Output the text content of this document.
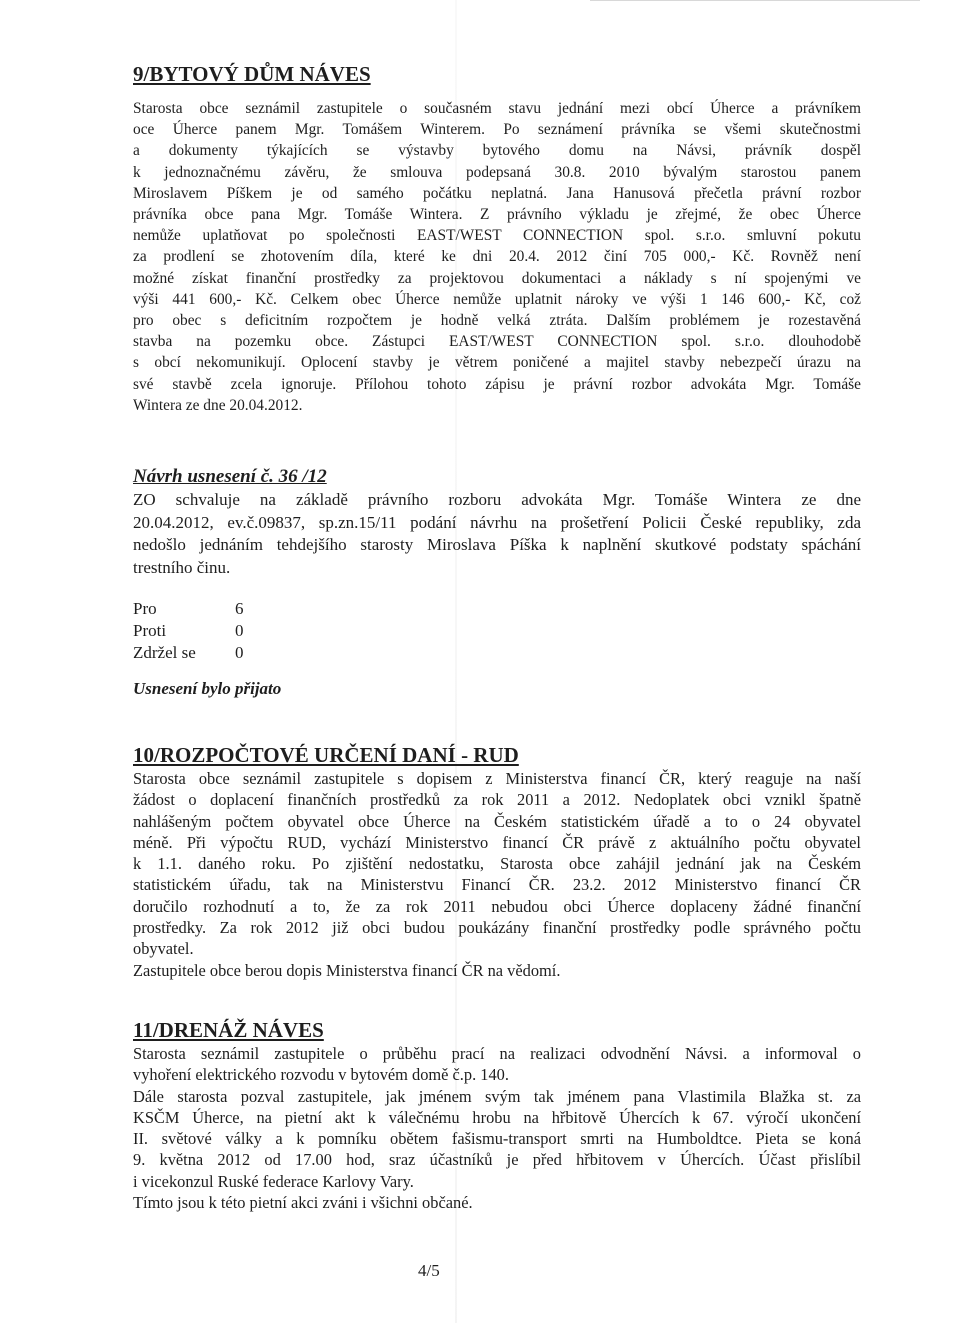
9/BYTOVÝ DŮM NÁVES
Starosta obce seznámil zastupitele o současném stavu jednání mezi obcí Úherce a právníkem
oce Úherce panem Mgr. Tomášem Winterem. Po seznámení právníka se všemi skutečnostmi
a dokumenty týkajících se výstavby bytového domu na Návsi, právník dospěl
k jednoznačnému závěru, že smlouva podepsaná 30.8. 2010 bývalým starostou panem
Miroslavem Píškem je od samého počátku neplatná. Jana Hanusová přečetla právní rozbor
právníka obce pana Mgr. Tomáše Wintera. Z právního výkladu je zřejmé, že obec Úherce
nemůže uplatňovat po společnosti EAST/WEST CONNECTION spol. s.r.o. smluvní pokutu
za prodlení se zhotovením díla, které ke dni 20.4. 2012 činí 705 000,- Kč. Rovněž není
možné získat finanční prostředky za projektovou dokumentaci a náklady s ní spojenými ve
výši 441 600,- Kč. Celkem obec Úherce nemůže uplatnit nároky ve výši 1 146 600,- Kč, což
pro obec s deficitním rozpočtem je hodně velká ztráta. Dalším problémem je rozestavěná
stavba na pozemku obce. Zástupci EAST/WEST CONNECTION spol. s.r.o. dlouhodobě
s obcí nekomunikují. Oplocení stavby je větrem poničené a majitel stavby nebezpečí úrazu na
své stavbě zcela ignoruje. Přílohou tohoto zápisu je právní rozbor advokáta Mgr. Tomáše
Wintera ze dne 20.04.2012.
Návrh usnesení č. 36 /12
ZO schvaluje na základě právního rozboru advokáta Mgr. Tomáše Wintera ze dne
20.04.2012, ev.č.09837, sp.zn.15/11 podání návrhu na prošetření Policii České republiky, zda
nedošlo jednáním tehdejšího starosty Miroslava Píška k naplnění skutkové podstaty spáchání
trestního činu.
Pro	6
Proti	0
Zdržel se	0
Usnesení bylo přijato
10/ROZPOČTOVÉ URČENÍ DANÍ - RUD
Starosta obce seznámil zastupitele s dopisem z Ministerstva financí ČR, který reaguje na naší
žádost o doplacení finančních prostředků za rok 2011 a 2012. Nedoplatek obci vznikl špatně
nahlášeným počtem obyvatel obce Úherce na Českém statistickém úřadě a to o 24 obyvatel
méně. Při výpočtu RUD, vychází Ministerstvo financí ČR právě z aktuálního počtu obyvatel
k 1.1. daného roku. Po zjištění nedostatku, Starosta obce zahájil jednání jak na Českém
statistickém úřadu, tak na Ministerstvu Financí ČR. 23.2. 2012 Ministerstvo financí ČR
doručilo rozhodnutí a to, že za rok 2011 nebudou obci Úherce doplaceny žádné finanční
prostředky. Za rok 2012 již obci budou poukázány finanční prostředky podle správného počtu
obyvatel.
Zastupitele obce berou dopis Ministerstva financí ČR na vědomí.
11/DRENÁŽ NÁVES
Starosta seznámil zastupitele o průběhu prací na realizaci odvodnění Návsi. a informoval o
vyhoření elektrického rozvodu v bytovém domě č.p. 140.
Dále starosta pozval zastupitele, jak jménem svým tak jménem pana Vlastimila Blažka st. za
KSČM Úherce, na pietní akt k válečnému hrobu na hřbitově Úhercích k 67. výročí ukončení
II. světové války a k pomníku obětem fašismu-transport smrti na Humboldtce. Pieta se koná
9. května 2012 od 17.00 hod, sraz účastníků je před hřbitovem v Úhercích. Účast přislíbil
i vicekonzul Ruské federace Karlovy Vary.
Tímto jsou k této pietní akci zváni i všichni občané.
4/5
